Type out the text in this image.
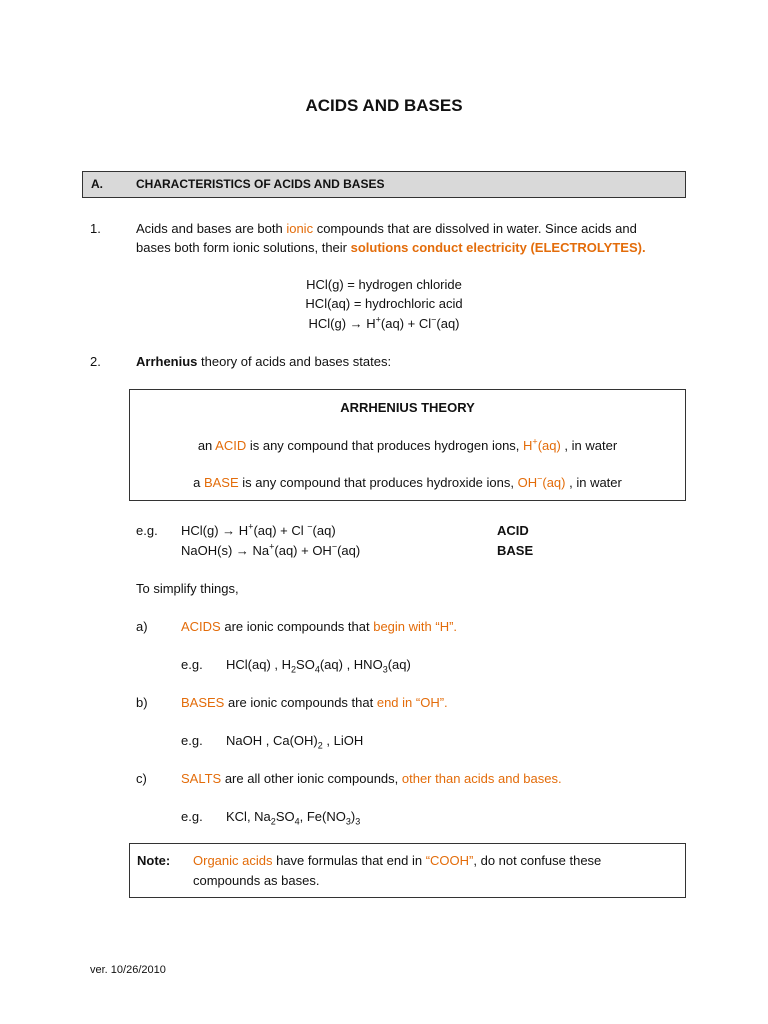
ACIDS AND BASES
A.	CHARACTERISTICS OF ACIDS AND BASES
1.	Acids and bases are both ionic compounds that are dissolved in water. Since acids and
bases both form ionic solutions, their solutions conduct electricity (ELECTROLYTES).
HCl(g) = hydrogen chloride
HCl(aq) = hydrochloric acid
HCl(g) → H+(aq) + Cl−(aq)
2.	Arrhenius theory of acids and bases states:
ARRHENIUS THEORY
an ACID is any compound that produces hydrogen ions, H+(aq) , in water
a BASE is any compound that produces hydroxide ions, OH−(aq) , in water
e.g. HCl(g) → H+(aq) + Cl −(aq)	ACID
NaOH(s) → Na+(aq) + OH−(aq)	BASE
To simplify things,
a)	ACIDS are ionic compounds that begin with “H”.
e.g. HCl(aq) , $H_2SO_4(aq)$ , $HNO_3(aq)$
b)	BASES are ionic compounds that end in “OH”.
e.g. NaOH , $Ca(OH)_2$ , LiOH
c)	SALTS are all other ionic compounds, other than acids and bases.
e.g. KCl, $Na_2SO_4$, $Fe(NO_3)_3$
Note: Organic acids have formulas that end in “COOH”, do not confuse these
compounds as bases.
ver. 10/26/2010
